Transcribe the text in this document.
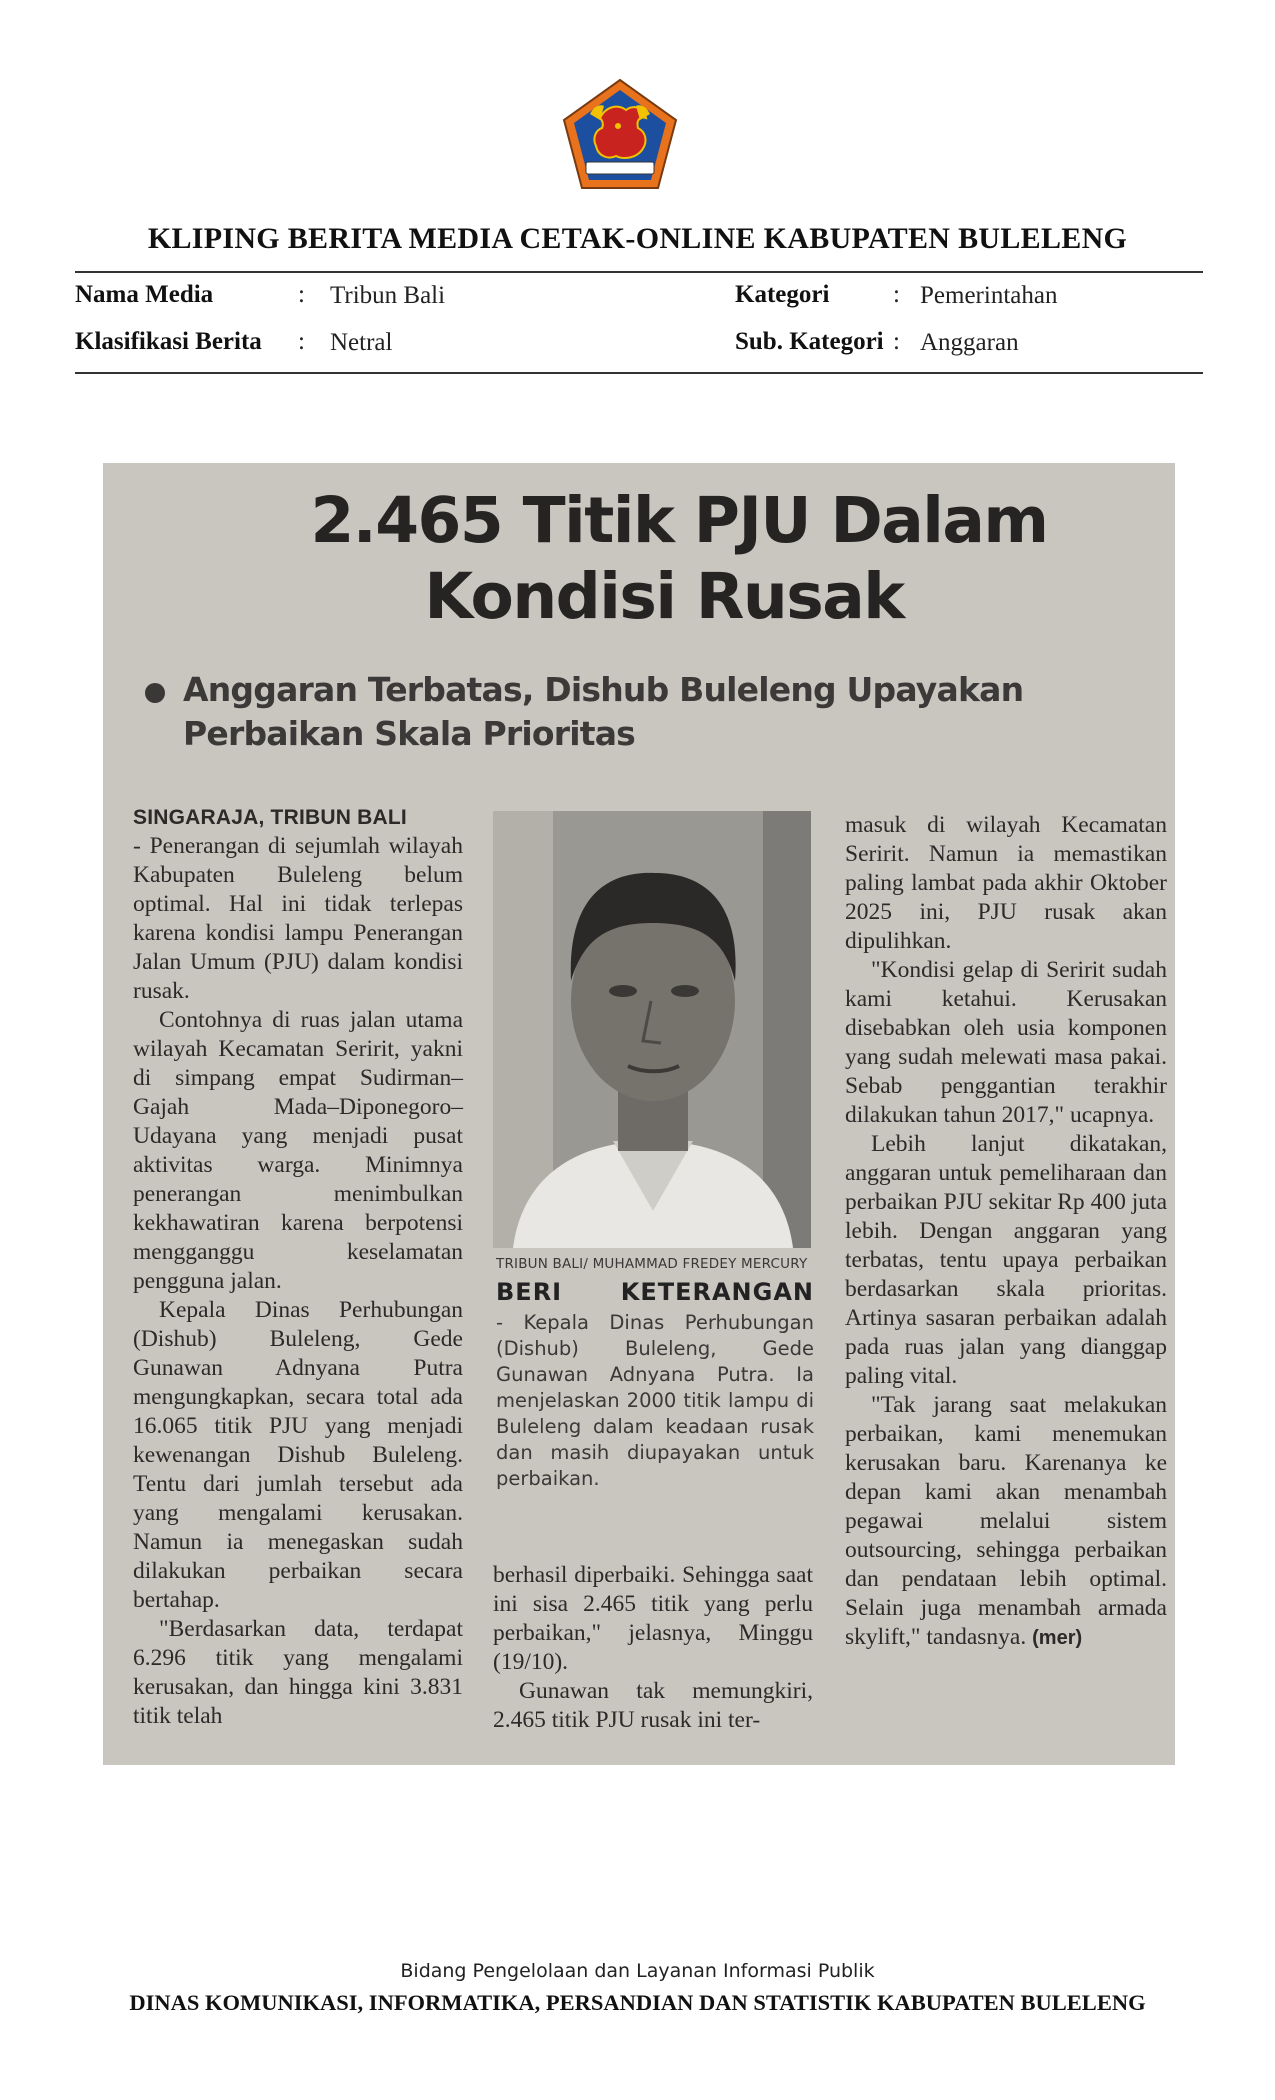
KLIPING BERITA MEDIA CETAK-ONLINE KABUPATEN BULELENG
Nama Media	: Tribun Bali	Kategori	: Pemerintahan
Klasifikasi Berita : Netral	Sub. Kategori : Anggaran
2.465 Titik PJU Dalam
Kondisi Rusak
Anggaran Terbatas, Dishub Buleleng Upayakan Perbaikan Skala Prioritas
SINGARAJA, TRIBUN BALI

- Penerangan di sejumlah wilayah Kabupaten Buleleng belum optimal. Hal ini tidak terlepas karena kondisi lampu Penerangan Jalan Umum (PJU) dalam kondisi rusak.

Contohnya di ruas jalan utama wilayah Kecamatan Seririt, yakni di simpang empat Sudirman–Gajah Mada–Diponegoro–Udayana yang menjadi pusat aktivitas warga. Minimnya penerangan menimbulkan kekhawatiran karena berpotensi mengganggu keselamatan pengguna jalan.

Kepala Dinas Perhubungan (Dishub) Buleleng, Gede Gunawan Adnyana Putra mengungkapkan, secara total ada 16.065 titik PJU yang menjadi kewenangan Dishub Buleleng. Tentu dari jumlah tersebut ada yang mengalami kerusakan. Namun ia menegaskan sudah dilakukan perbaikan secara bertahap.

"Berdasarkan data, terdapat 6.296 titik yang mengalami kerusakan, dan hingga kini 3.831 titik telah

TRIBUN BALI/ MUHAMMAD FREDEY MERCURY
BERI KETERANGAN
- Kepala Dinas Perhubungan (Dishub) Buleleng, Gede Gunawan Adnyana Putra. Ia menjelaskan 2000 titik lampu di Buleleng dalam keadaan rusak dan masih diupayakan untuk perbaikan.

berhasil diperbaiki. Sehingga saat ini sisa 2.465 titik yang perlu perbaikan," jelasnya, Minggu (19/10).

Gunawan tak memungkiri, 2.465 titik PJU rusak ini ter-

masuk di wilayah Kecamatan Seririt. Namun ia memastikan paling lambat pada akhir Oktober 2025 ini, PJU rusak akan dipulihkan.

"Kondisi gelap di Seririt sudah kami ketahui. Kerusakan disebabkan oleh usia komponen yang sudah melewati masa pakai. Sebab penggantian terakhir dilakukan tahun 2017," ucapnya.

Lebih lanjut dikatakan, anggaran untuk pemeliharaan dan perbaikan PJU sekitar Rp 400 juta lebih. Dengan anggaran yang terbatas, tentu upaya perbaikan berdasarkan skala prioritas. Artinya sasaran perbaikan adalah pada ruas jalan yang dianggap paling vital.

"Tak jarang saat melakukan perbaikan, kami menemukan kerusakan baru. Karenanya ke depan kami akan menambah pegawai melalui sistem outsourcing, sehingga perbaikan dan pendataan lebih optimal. Selain juga menambah armada skylift," tandasnya. (mer)

Bidang Pengelolaan dan Layanan Informasi Publik
DINAS KOMUNIKASI, INFORMATIKA, PERSANDIAN DAN STATISTIK KABUPATEN BULELENG
